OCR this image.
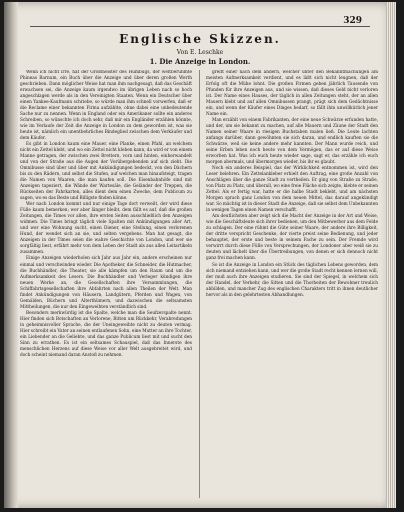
329
Englische Skizzen.
Von E. Leschke
1. Die Anzeige in London.

Wenn ich nicht irre, hat der Großmeister des Humbugs, der weltberühmte Phineas Barnum, ein Buch über die Anzeige und über deren großen Werth geschrieben. Dann möglicher Weise hat man ihm nachgesagt, daß das Geschäft erwachsen sei, die Anzeige kaum irgendwo im übrigen Leben nach so hoch angeschlagen werde als in den Vereinigten Staaten. Wenn ein Deutscher über einen Yankee-Kaufmann schriebe, so würde man ihm schnell vorwerfen, daß er die Reclame einer bekannten Firma aufzählte, ohne dabei eine unbedeutende Sache nur zu nennen. Wenn in England oder ein Amerikaner sollte ein anderes Schreiben, so wünschte ich doch sehr, daß mir ein Engländer erzählen könnte, wie im Verlaufe der Zeit die Anzeige in London zu dem geworden ist, was sie heute ist, nämlich ein unentbehrliches Bindeglied zwischen dem Verkäufer und dem Käufer.

Es gibt in London kaum eine Mauer, eine Planke, einen Pfahl, an welchem nicht ein Zettel klebt, und wo ein Zettel nicht kleben kann, da wird er von einem Manne getragen, der zwischen zwei Brettern, vorn und hinten, einherwandelt und von der Straße aus die Augen der Vorübergehenden auf sich zieht. Die Omnibusse sind über und über mit Ankündigungen bedeckt, von den Dächern bis zu den Rädern, und selbst die Stufen, auf welchen man hinaufsteigt, tragen die Namen von Waaren, die man kaufen soll. Die Eisenbahnhöfe sind mit Anzeigen tapeziert, die Wände der Wartesäle, die Geländer der Treppen, die Rückseiten der Fahrkarten, alles dient dem einen Zwecke, dem Publicum zu sagen, wo es das Beste und Billigste finden könne.

Wer nach London kommt und nur einige Tage dort verweilt, der wird diese Fülle kaum bemerken; wer aber länger bleibt, dem fällt es auf, daß die großen Zeitungen, die Times vor allen, ihre ersten Seiten ausschließlich den Anzeigen widmen. Die Times bringt täglich viele Spalten mit Ankündigungen aller Art, und wer eine Wohnung sucht, einen Diener, eine Stellung, einen verlorenen Hund, der wendet sich an sie, und selten vergebens. Man hat gesagt, die Anzeigen in der Times seien die wahre Geschichte von London, und wer sie sorgfältig liest, erfährt mehr von dem Leben der Stadt als aus allen Leitartikeln zusammen.

Einige Anzeigen wiederholen sich Jahr aus Jahr ein, andere erscheinen nur einmal und verschwinden wieder. Die Apotheker, die Schneider, die Hutmacher, die Buchhändler, die Theater, sie alle kämpfen um den Raum und um die Aufmerksamkeit des Lesers. Die Buchhändler und Verleger kündigen ihre neuen Werke an, die Gesellschaften ihre Versammlungen, die Schiffahrtsgesellschaften ihre Abfahrten nach allen Theilen der Welt. Man findet Ankündigungen von Häusern, Landgütern, Pferden und Wagen, von Gemälden, Büchern und Alterthümern, und dazwischen die seltsamsten Mittheilungen, die nur den Eingeweihten verständlich sind.

Besonders merkwürdig ist die Spalte, welche man die Seufzerspalte nennt. Hier finden sich Botschaften an Verlorene, Bitten um Rückkehr, Verabredungen in geheimnisvoller Sprache, die der Uneingeweihte nicht zu deuten vermag. Hier schreibt ein Vater an seinen entlaufenen Sohn, eine Mutter an ihre Tochter, ein Liebender an die Geliebte, und das ganze Publicum liest mit und sucht den Sinn zu errathen. Es ist ein seltsames Schauspiel, daß das Innerste des menschlichen Herzens auf diese Weise vor aller Welt ausgebreitet wird, und doch scheint niemand daran Anstoß zu nehmen.

greift einer nach dem andern, welcher unter den Bekanntmachungen am meisten Aufmerksamkeit verdient, und es läßt sich nicht leugnen, daß der Erfolg oft die Mühe lohnt. Die großen Firmen geben jährlich Tausende von Pfunden für ihre Anzeigen aus, und sie wissen, daß dieses Geld nicht verloren ist. Der Name eines Hauses, der täglich in allen Zeitungen steht, der an allen Mauern klebt und auf allen Omnibussen prangt, prägt sich dem Gedächtnisse ein, und wenn der Käufer eines Dinges bedarf, so fällt ihm unwillkürlich jener Name ein.

Man erzählt von einem Fabrikanten, der eine neue Schwärze erfunden hatte, und der, um sie bekannt zu machen, auf alle Mauern und Zäune der Stadt den Namen seiner Waare in riesigen Buchstaben malen ließ. Die Leute lachten anfangs darüber, dann gewöhnten sie sich daran, und endlich kauften sie die Schwärze, weil sie keine andere mehr kannten. Der Mann wurde reich, und seine Erben leben noch heute von dem Vermögen, das er auf diese Weise erworben hat. Was ich euch heute wieder sage, sagt er, das erzähle ich euch morgen abermals, und übermorgen wieder, bis ihr es glaubt.

Noch ein anderes Beispiel, das der Wirklichkeit entnommen ist, wird den Leser belehren. Ein Zettelankleber erhielt den Auftrag, eine große Anzahl von Anschlägen über die ganze Stadt zu vertheilen. Er ging von Straße zu Straße, von Platz zu Platz, und überall, wo eine freie Fläche sich zeigte, klebte er seinen Zettel. Als er fertig war, hatte er die halbe Stadt beklebt, und am nächsten Morgen sprach ganz London von dem neuen Mittel, das darauf angekündigt war. So mächtig ist in dieser Stadt die Anzeige, daß sie selbst dem Unbekannten in wenigen Tagen einen Namen verschafft.

Am deutlichsten aber zeigt sich die Macht der Anzeige in der Art und Weise, wie die Geschäftsleute sich ihrer bedienen, um den Mitbewerber aus dem Felde zu schlagen. Der eine rühmt die Güte seiner Waare, der andere ihre Billigkeit, der dritte verspricht Geschenke, der vierte preist seine Bedienung, und jeder behauptet, der erste und beste in seinem Fache zu sein. Der Fremde wird verwirrt durch diese Fülle von Versprechungen, der Londoner aber weiß sie zu deuten und lächelt über die Übertreibungen, von denen er sich dennoch nicht ganz frei machen kann.

So ist die Anzeige in London ein Stück des täglichen Lebens geworden, dem sich niemand entziehen kann, und wer die große Stadt recht kennen lernen will, der muß auch ihre Anzeigen studieren. Sie sind der Spiegel, in welchem sich der Handel, der Verkehr, die Sitten und die Thorheiten der Bewohner treulich abbilden, und mancher Zug des englischen Charakters tritt in ihnen deutlicher hervor als in den gelehrtesten Abhandlungen.
